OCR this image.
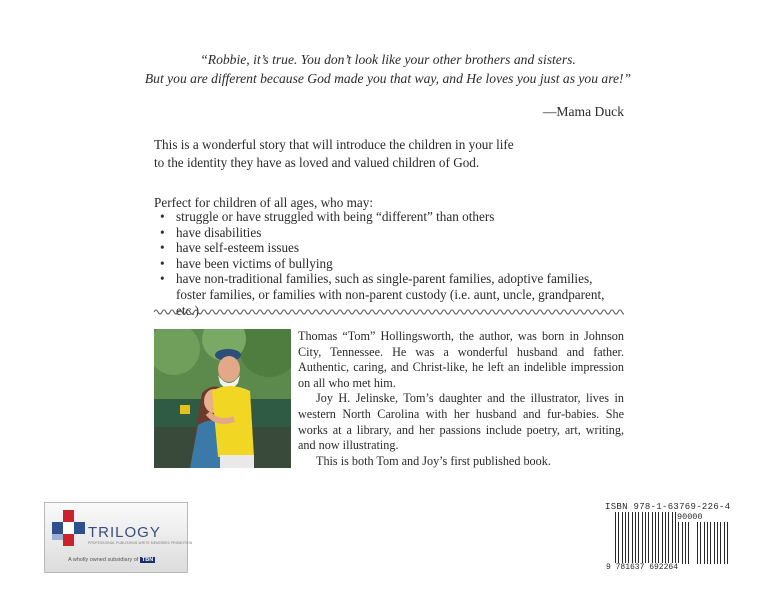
“Robbie, it’s true. You don’t look like your other brothers and sisters.
But you are different because God made you that way, and He loves you just as you are!”
—Mama Duck
This is a wonderful story that will introduce the children in your life
to the identity they have as loved and valued children of God.
Perfect for children of all ages, who may:
• struggle or have struggled with being “different” than others
• have disabilities
• have self-esteem issues
• have been victims of bullying
• have non-traditional families, such as single-parent families, adoptive families, foster families, or families with non-parent custody (i.e. aunt, uncle, grandparent, etc.)

Thomas “Tom” Hollingsworth, the author, was born in Johnson City, Tennessee. He was a wonderful husband and father. Authentic, caring, and Christ-like, he left an indelible impression on all who met him.

Joy H. Jelinske, Tom’s daughter and the illustrator, lives in western North Carolina with her husband and fur-babies. She works at a library, and her passions include poetry, art, writing, and now illustrating.

This is both Tom and Joy’s first published book.

TRILOGY
PROFESSIONAL PUBLISHING WRITE MEMORIES PROMOTION
A wholly owned subsidiary of TBN
ISBN 978-1-63769-226-4
90000
9 781637 692264
